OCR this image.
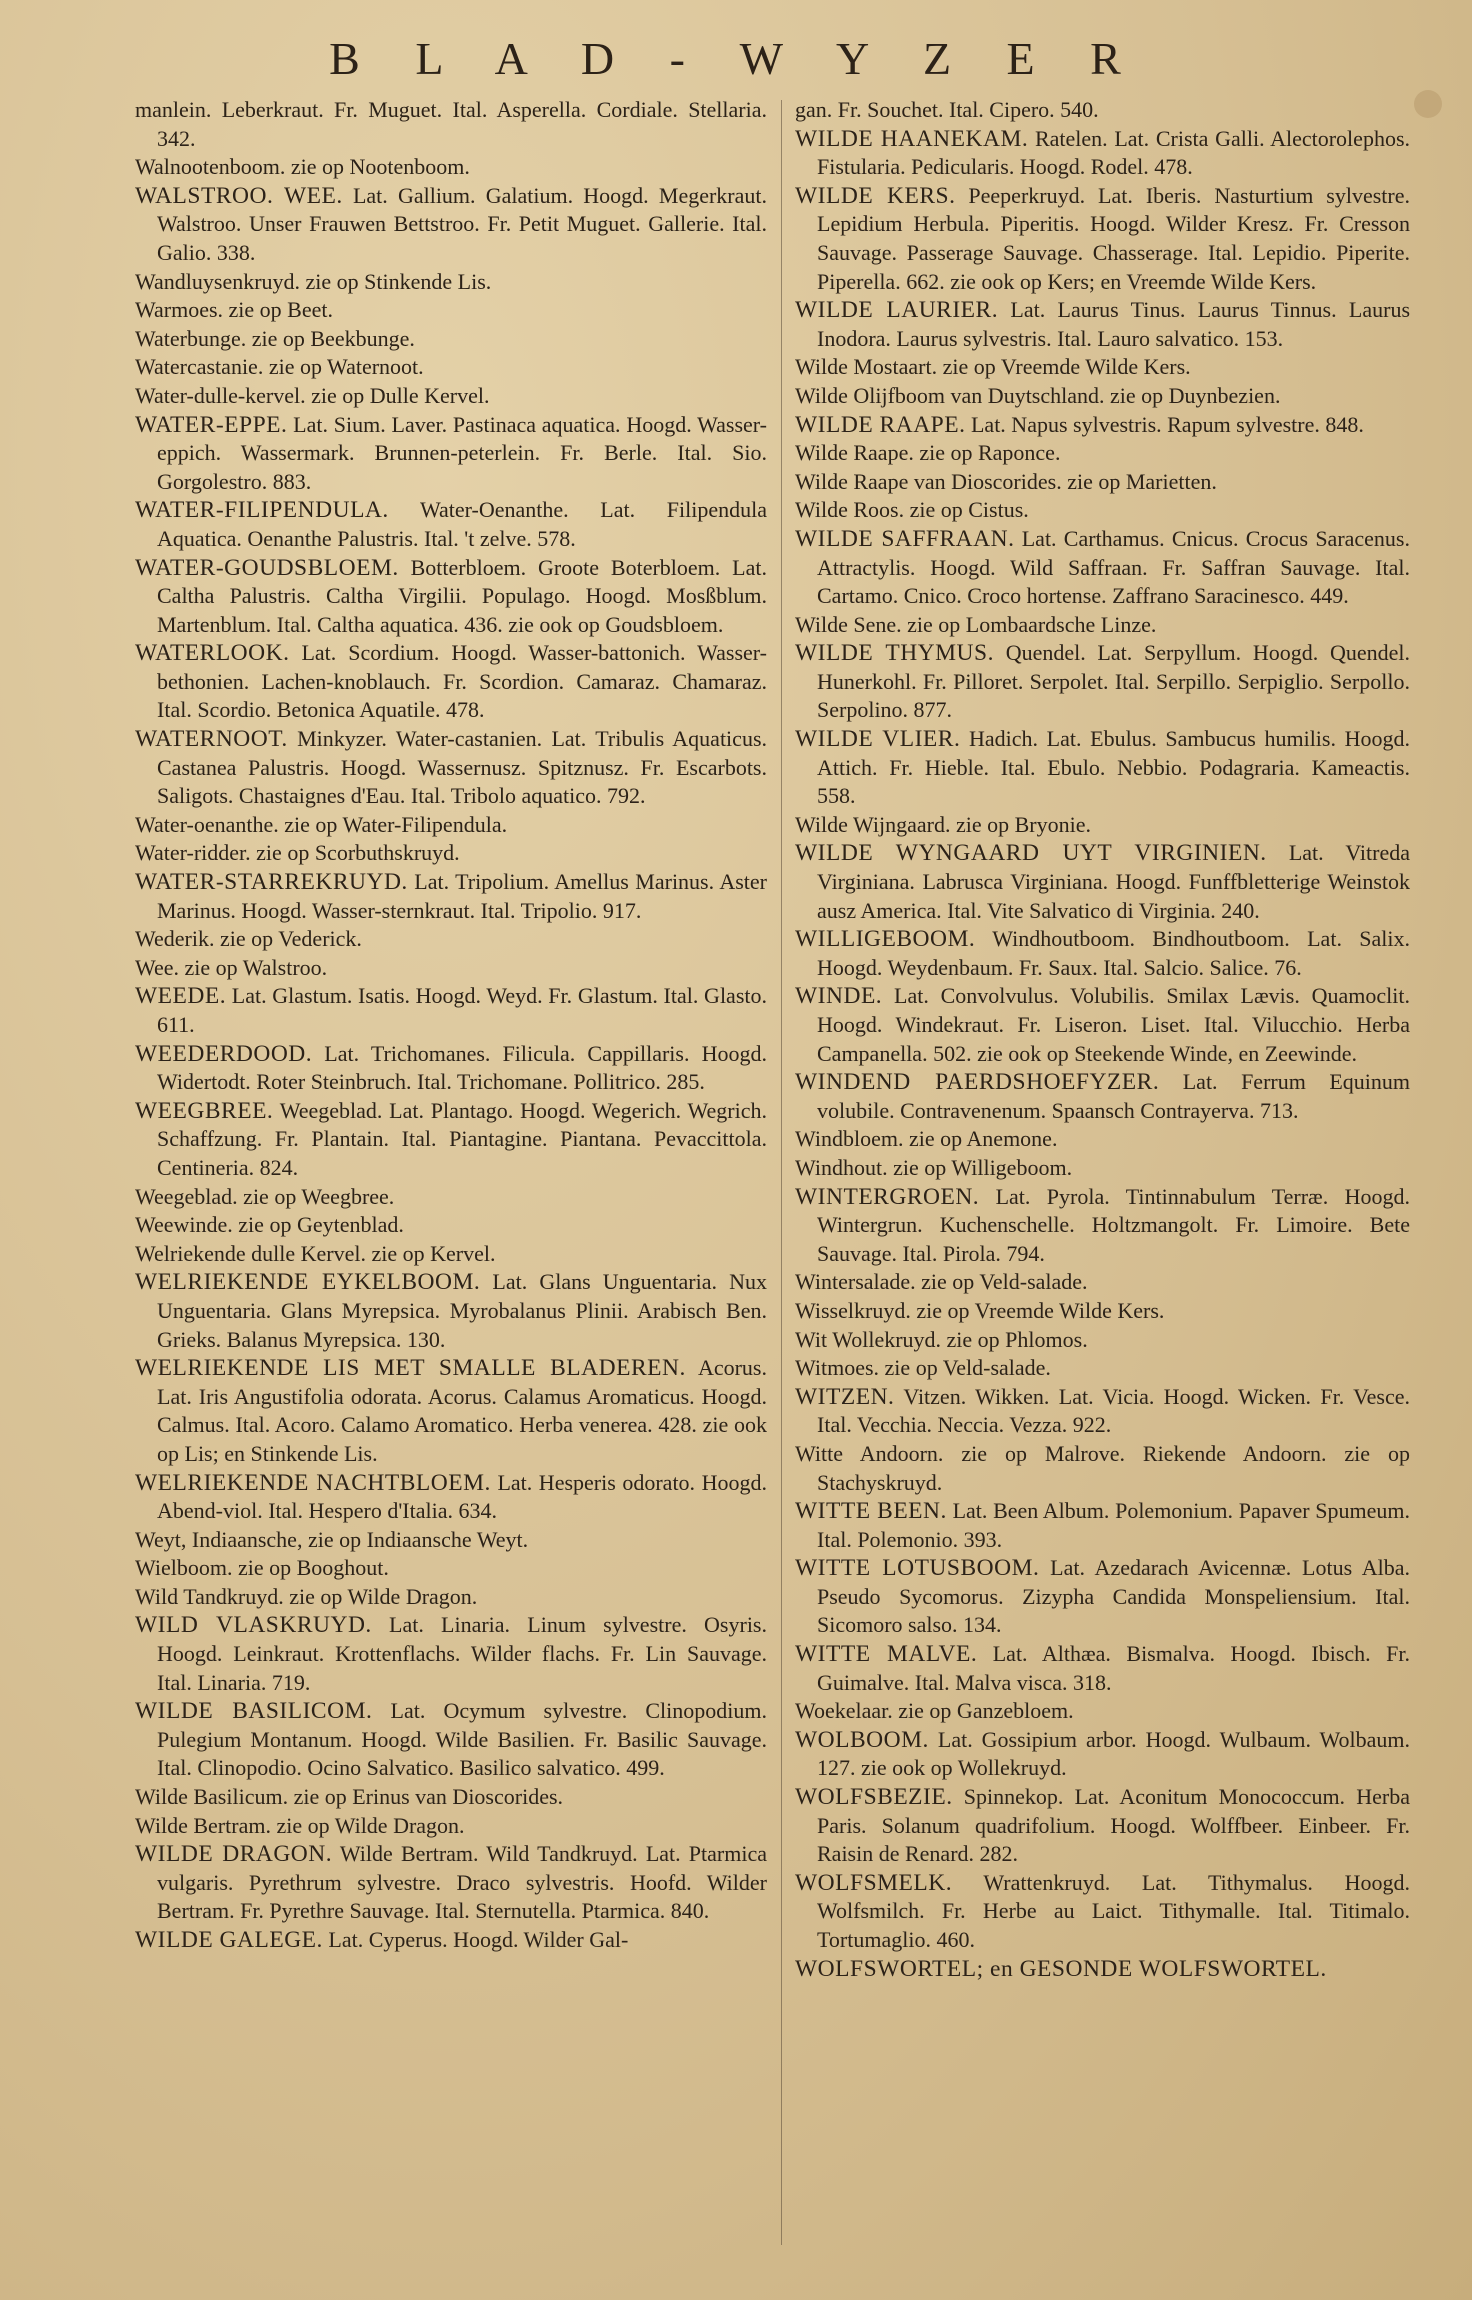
B L A D - W Y Z E R

manlein. Leberkraut. Fr. Muguet. Ital. Asperella. Cordiale. Stellaria. 342.

Walnootenboom. zie op Nootenboom.

WALSTROO. WEE. Lat. Gallium. Galatium. Hoogd. Megerkraut. Walstroo. Unser Frauwen Bettstroo. Fr. Petit Muguet. Gallerie. Ital. Galio. 338.

Wandluysenkruyd. zie op Stinkende Lis.

Warmoes. zie op Beet.

Waterbunge. zie op Beekbunge.

Watercastanie. zie op Waternoot.

Water-dulle-kervel. zie op Dulle Kervel.

WATER-EPPE. Lat. Sium. Laver. Pastinaca aquatica. Hoogd. Wasser-eppich. Wassermark. Brunnen-peterlein. Fr. Berle. Ital. Sio. Gorgolestro. 883.

WATER-FILIPENDULA. Water-Oenanthe. Lat. Filipendula Aquatica. Oenanthe Palustris. Ital. 't zelve. 578.

WATER-GOUDSBLOEM. Botterbloem. Groote Boterbloem. Lat. Caltha Palustris. Caltha Virgilii. Populago. Hoogd. Mosßblum. Martenblum. Ital. Caltha aquatica. 436. zie ook op Goudsbloem.

WATERLOOK. Lat. Scordium. Hoogd. Wasser-battonich. Wasser-bethonien. Lachen-knoblauch. Fr. Scordion. Camaraz. Chamaraz. Ital. Scordio. Betonica Aquatile. 478.

WATERNOOT. Minkyzer. Water-castanien. Lat. Tribulis Aquaticus. Castanea Palustris. Hoogd. Wassernusz. Spitznusz. Fr. Escarbots. Saligots. Chastaignes d'Eau. Ital. Tribolo aquatico. 792.

Water-oenanthe. zie op Water-Filipendula.

Water-ridder. zie op Scorbuthskruyd.

WATER-STARREKRUYD. Lat. Tripolium. Amellus Marinus. Aster Marinus. Hoogd. Wasser-sternkraut. Ital. Tripolio. 917.

Wederik. zie op Vederick.

Wee. zie op Walstroo.

WEEDE. Lat. Glastum. Isatis. Hoogd. Weyd. Fr. Glastum. Ital. Glasto. 611.

WEEDERDOOD. Lat. Trichomanes. Filicula. Cappillaris. Hoogd. Widertodt. Roter Steinbruch. Ital. Trichomane. Pollitrico. 285.

WEEGBREE. Weegeblad. Lat. Plantago. Hoogd. Wegerich. Wegrich. Schaffzung. Fr. Plantain. Ital. Piantagine. Piantana. Pevaccittola. Centineria. 824.

Weegeblad. zie op Weegbree.

Weewinde. zie op Geytenblad.

Welriekende dulle Kervel. zie op Kervel.

WELRIEKENDE EYKELBOOM. Lat. Glans Unguentaria. Nux Unguentaria. Glans Myrepsica. Myrobalanus Plinii. Arabisch Ben. Grieks. Balanus Myrepsica. 130.

WELRIEKENDE LIS MET SMALLE BLADEREN. Acorus. Lat. Iris Angustifolia odorata. Acorus. Calamus Aromaticus. Hoogd. Calmus. Ital. Acoro. Calamo Aromatico. Herba venerea. 428. zie ook op Lis; en Stinkende Lis.

WELRIEKENDE NACHTBLOEM. Lat. Hesperis odorato. Hoogd. Abend-viol. Ital. Hespero d'Italia. 634.

Weyt, Indiaansche, zie op Indiaansche Weyt.

Wielboom. zie op Booghout.

Wild Tandkruyd. zie op Wilde Dragon.

WILD VLASKRUYD. Lat. Linaria. Linum sylvestre. Osyris. Hoogd. Leinkraut. Krottenflachs. Wilder flachs. Fr. Lin Sauvage. Ital. Linaria. 719.

WILDE BASILICOM. Lat. Ocymum sylvestre. Clinopodium. Pulegium Montanum. Hoogd. Wilde Basilien. Fr. Basilic Sauvage. Ital. Clinopodio. Ocino Salvatico. Basilico salvatico. 499.

Wilde Basilicum. zie op Erinus van Dioscorides.

Wilde Bertram. zie op Wilde Dragon.

WILDE DRAGON. Wilde Bertram. Wild Tandkruyd. Lat. Ptarmica vulgaris. Pyrethrum sylvestre. Draco sylvestris. Hoofd. Wilder Bertram. Fr. Pyrethre Sauvage. Ital. Sternutella. Ptarmica. 840.

WILDE GALEGE. Lat. Cyperus. Hoogd. Wilder Gal-

gan. Fr. Souchet. Ital. Cipero. 540.

WILDE HAANEKAM. Ratelen. Lat. Crista Galli. Alectorolephos. Fistularia. Pedicularis. Hoogd. Rodel. 478.

WILDE KERS. Peeperkruyd. Lat. Iberis. Nasturtium sylvestre. Lepidium Herbula. Piperitis. Hoogd. Wilder Kresz. Fr. Cresson Sauvage. Passerage Sauvage. Chasserage. Ital. Lepidio. Piperite. Piperella. 662. zie ook op Kers; en Vreemde Wilde Kers.

WILDE LAURIER. Lat. Laurus Tinus. Laurus Tinnus. Laurus Inodora. Laurus sylvestris. Ital. Lauro salvatico. 153.

Wilde Mostaart. zie op Vreemde Wilde Kers.

Wilde Olijfboom van Duytschland. zie op Duynbezien.

WILDE RAAPE. Lat. Napus sylvestris. Rapum sylvestre. 848.

Wilde Raape. zie op Raponce.

Wilde Raape van Dioscorides. zie op Marietten.

Wilde Roos. zie op Cistus.

WILDE SAFFRAAN. Lat. Carthamus. Cnicus. Crocus Saracenus. Attractylis. Hoogd. Wild Saffraan. Fr. Saffran Sauvage. Ital. Cartamo. Cnico. Croco hortense. Zaffrano Saracinesco. 449.

Wilde Sene. zie op Lombaardsche Linze.

WILDE THYMUS. Quendel. Lat. Serpyllum. Hoogd. Quendel. Hunerkohl. Fr. Pilloret. Serpolet. Ital. Serpillo. Serpiglio. Serpollo. Serpolino. 877.

WILDE VLIER. Hadich. Lat. Ebulus. Sambucus humilis. Hoogd. Attich. Fr. Hieble. Ital. Ebulo. Nebbio. Podagraria. Kameactis. 558.

Wilde Wijngaard. zie op Bryonie.

WILDE WYNGAARD UYT VIRGINIEN. Lat. Vitreda Virginiana. Labrusca Virginiana. Hoogd. Funffbletterige Weinstok ausz America. Ital. Vite Salvatico di Virginia. 240.

WILLIGEBOOM. Windhoutboom. Bindhoutboom. Lat. Salix. Hoogd. Weydenbaum. Fr. Saux. Ital. Salcio. Salice. 76.

WINDE. Lat. Convolvulus. Volubilis. Smilax Lævis. Quamoclit. Hoogd. Windekraut. Fr. Liseron. Liset. Ital. Vilucchio. Herba Campanella. 502. zie ook op Steekende Winde, en Zeewinde.

WINDEND PAERDSHOEFYZER. Lat. Ferrum Equinum volubile. Contravenenum. Spaansch Contrayerva. 713.

Windbloem. zie op Anemone.

Windhout. zie op Willigeboom.

WINTERGROEN. Lat. Pyrola. Tintinnabulum Terræ. Hoogd. Wintergrun. Kuchenschelle. Holtzmangolt. Fr. Limoire. Bete Sauvage. Ital. Pirola. 794.

Wintersalade. zie op Veld-salade.

Wisselkruyd. zie op Vreemde Wilde Kers.

Wit Wollekruyd. zie op Phlomos.

Witmoes. zie op Veld-salade.

WITZEN. Vitzen. Wikken. Lat. Vicia. Hoogd. Wicken. Fr. Vesce. Ital. Vecchia. Neccia. Vezza. 922.

Witte Andoorn. zie op Malrove. Riekende Andoorn. zie op Stachyskruyd.

WITTE BEEN. Lat. Been Album. Polemonium. Papaver Spumeum. Ital. Polemonio. 393.

WITTE LOTUSBOOM. Lat. Azedarach Avicennæ. Lotus Alba. Pseudo Sycomorus. Zizypha Candida Monspeliensium. Ital. Sicomoro salso. 134.

WITTE MALVE. Lat. Althæa. Bismalva. Hoogd. Ibisch. Fr. Guimalve. Ital. Malva visca. 318.

Woekelaar. zie op Ganzebloem.

WOLBOOM. Lat. Gossipium arbor. Hoogd. Wulbaum. Wolbaum. 127. zie ook op Wollekruyd.

WOLFSBEZIE. Spinnekop. Lat. Aconitum Monococcum. Herba Paris. Solanum quadrifolium. Hoogd. Wolffbeer. Einbeer. Fr. Raisin de Renard. 282.

WOLFSMELK. Wrattenkruyd. Lat. Tithymalus. Hoogd. Wolfsmilch. Fr. Herbe au Laict. Tithymalle. Ital. Titimalo. Tortumaglio. 460.

WOLFSWORTEL; en GESONDE WOLFSWORTEL.
